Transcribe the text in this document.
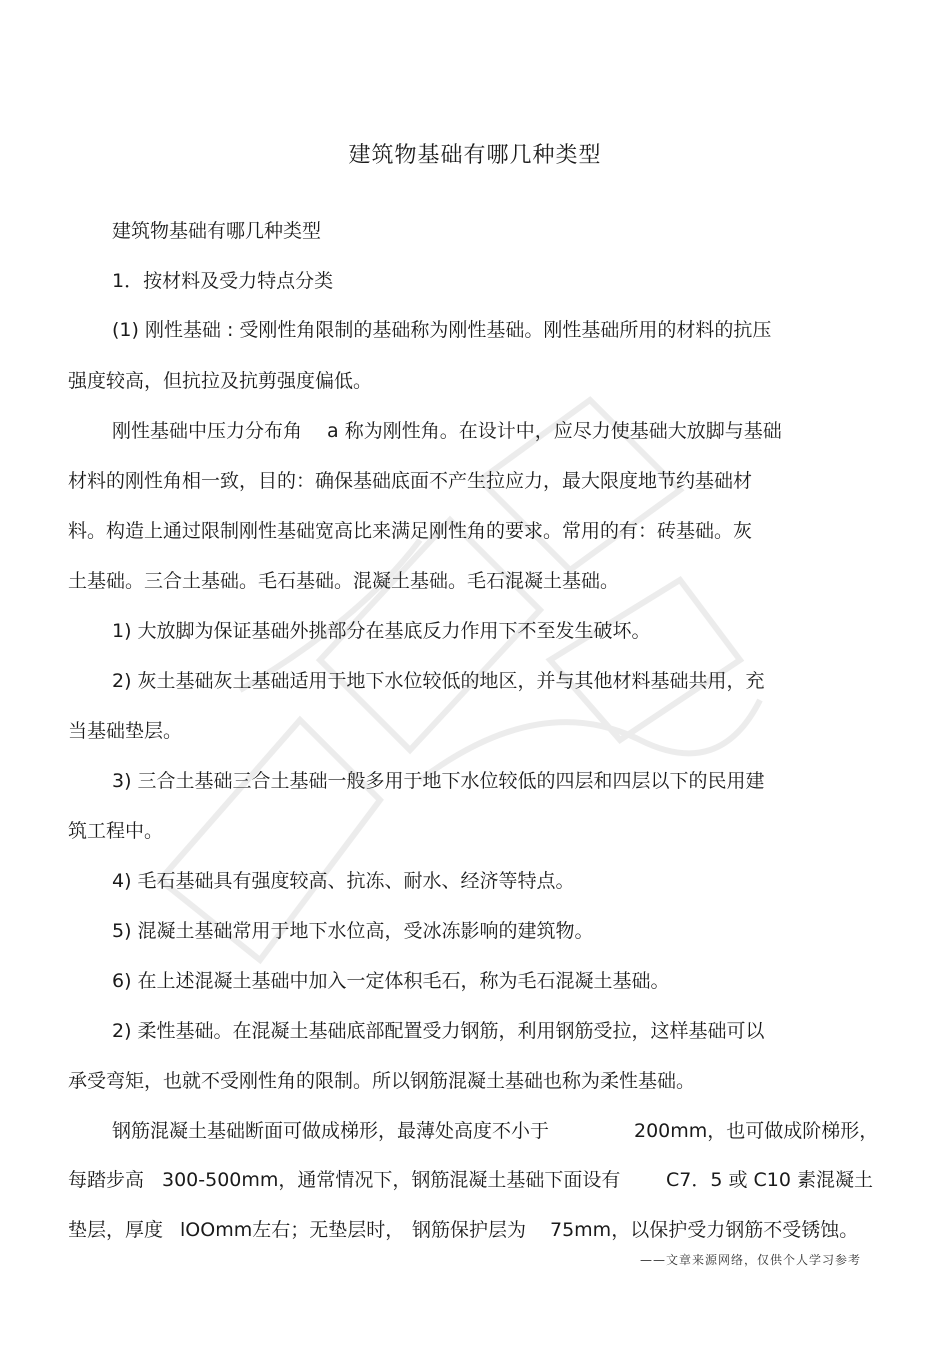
建筑物基础有哪几种类型
建筑物基础有哪几种类型
1．按材料及受力特点分类
(1) 刚性基础 : 受刚性角限制的基础称为刚性基础。刚性基础所用的材料的抗压
强度较高，但抗拉及抗剪强度偏低。
刚性基础中压力分布角　 a 称为刚性角。在设计中，应尽力使基础大放脚与基础
材料的刚性角相一致，目的：确保基础底面不产生拉应力，最大限度地节约基础材
料。构造上通过限制刚性基础宽高比来满足刚性角的要求。常用的有：砖基础。灰
土基础。三合土基础。毛石基础。混凝土基础。毛石混凝土基础。
1) 大放脚为保证基础外挑部分在基底反力作用下不至发生破坏。
2) 灰土基础灰土基础适用于地下水位较低的地区，并与其他材料基础共用，充
当基础垫层。
3) 三合土基础三合土基础一般多用于地下水位较低的四层和四层以下的民用建
筑工程中。
4) 毛石基础具有强度较高、抗冻、耐水、经济等特点。
5) 混凝土基础常用于地下水位高，受冰冻影响的建筑物。
6) 在上述混凝土基础中加入一定体积毛石，称为毛石混凝土基础。
2) 柔性基础。在混凝土基础底部配置受力钢筋，利用钢筋受拉，这样基础可以
承受弯矩，也就不受刚性角的限制。所以钢筋混凝土基础也称为柔性基础。
钢筋混凝土基础断面可做成梯形，最薄处高度不小于	200mm，也可做成阶梯形，
每踏步高 300-500mm，通常情况下，钢筋混凝土基础下面设有 C7．5 或 C10 素混凝土
垫层，厚度 lOOmm左右；无垫层时， 钢筋保护层为 75mm，以保护受力钢筋不受锈蚀。
——文章来源网络，仅供个人学习参考
